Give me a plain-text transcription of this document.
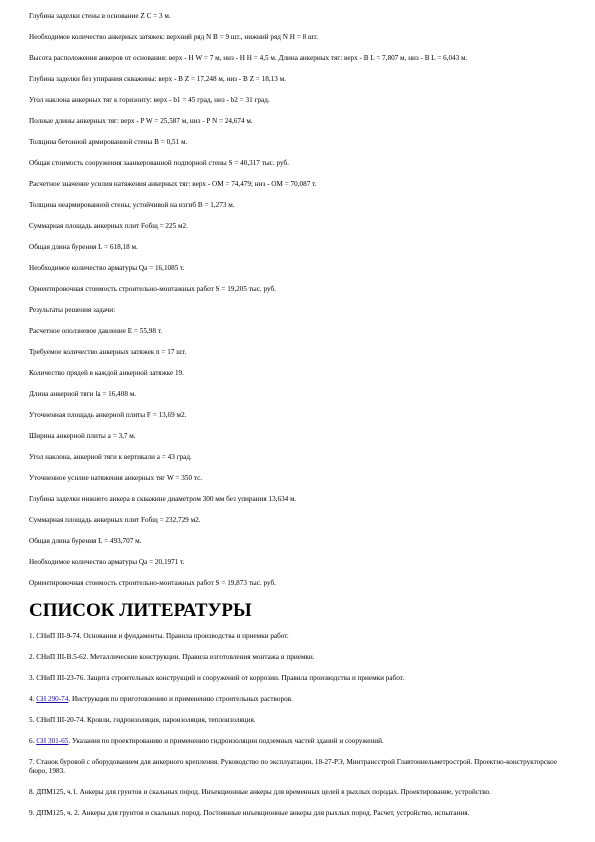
Глубина заделки стены в основание Z C = 3 м.

Необходимое количество анкерных затяжек: верхний ряд N В = 9 шт., нижний ряд N Н = 8 шт.

Высота расположения анкеров от основания: верх - Н W = 7 м, низ - Н Н = 4,5 м. Длина анкерных тяг: верх - В L = 7,807 м, низ - В L = 6,043 м.

Глубина заделки без упирания скважины: верх - В Z = 17,248 м, низ - В Z = 18,13 м.

Угол наклона анкерных тяг к горизонту: верх - b1 = 45 град, низ - b2 = 31 град.

Полные длины анкерных тяг: верх - P W = 25,587 м, низ - P N = 24,674 м.

Толщина бетонной армированной стены В = 0,51 м.

Общая стоимость сооружения заанкерованной подпорной стены S = 40,317 тыс. руб.

Расчетное значение усилия натяжения анкерных тяг: верх - ОМ = 74,479; низ - ОМ = 70,087 т.

Толщина неармированной стены, устойчивой на изгиб В = 1,273 м.

Суммарная площадь анкерных плит Fобщ = 225 м2.

Общая длина бурения L = 618,18 м.

Необходимое количество арматуры Qа = 16,1085 т.

Ориентировочная стоимость строительно-монтажных работ S = 19,205 тыс. руб.

Результаты решения задачи:

Расчетное оползневое давление Е = 55,98 т.

Требуемое количество анкерных затяжек n = 17 шт.

Количество прядей в каждой анкерной затяжке 19.

Длина анкерной тяги lа = 16,408 м.

Уточненная площадь анкерной плиты F = 13,69 м2.

Ширина анкерной плиты а = 3,7 м.

Угол наклона, анкерной тяги к вертикали a = 43 град.

Уточненное усилие натяжения анкерных тяг W = 350 тс.

Глубина заделки нижнего анкера в скважине диаметром 300 мм без упирания 13,634 м.

Суммарная площадь анкерных плит Fобщ = 232,729 м2.

Общая длина бурения L = 493,707 м.

Необходимое количество арматуры Qа = 20,1971 т.

Ориентировочная стоимость строительно-монтажных работ S = 19,873 тыс. руб.

СПИСОК ЛИТЕРАТУРЫ
1. СНиП III-9-74. Основания и фундаменты. Правила производства и приемки работ.
2. СНиП III-В.5-62. Металлические конструкции. Правила изготовления монтажа и приемки.
3. СНиП III-23-76. Защита строительных конструкций и сооружений от коррозии. Правила производства и приемки работ.
4. СН 290-74. Инструкция по приготовлению и применению строительных растворов.
5. СНиП III-20-74. Кровли, гидроизоляция, пароизоляция, теплоизоляция.
6. СН 301-65. Указания по проектированию и применению гидроизоляции подземных частей зданий и сооружений.
7. Станок буровой с оборудованием для анкерного крепления. Руководство по эксплуатации, 18-27-РЭ, Минтрансстрой Главтоннельметрострой. Проектно-конструкторское бюро, 1983.
8. ДПМ125, ч.1. Анкеры для грунтов и скальных пород. Инъекционные анкеры для временных целей в рыхлых породах. Проектирование, устройство.
9. ДПМ125, ч. 2. Анкеры для грунтов и скальных пород. Постоянные инъекционные анкеры для рыхлых пород. Расчет, устройство, испытания.
